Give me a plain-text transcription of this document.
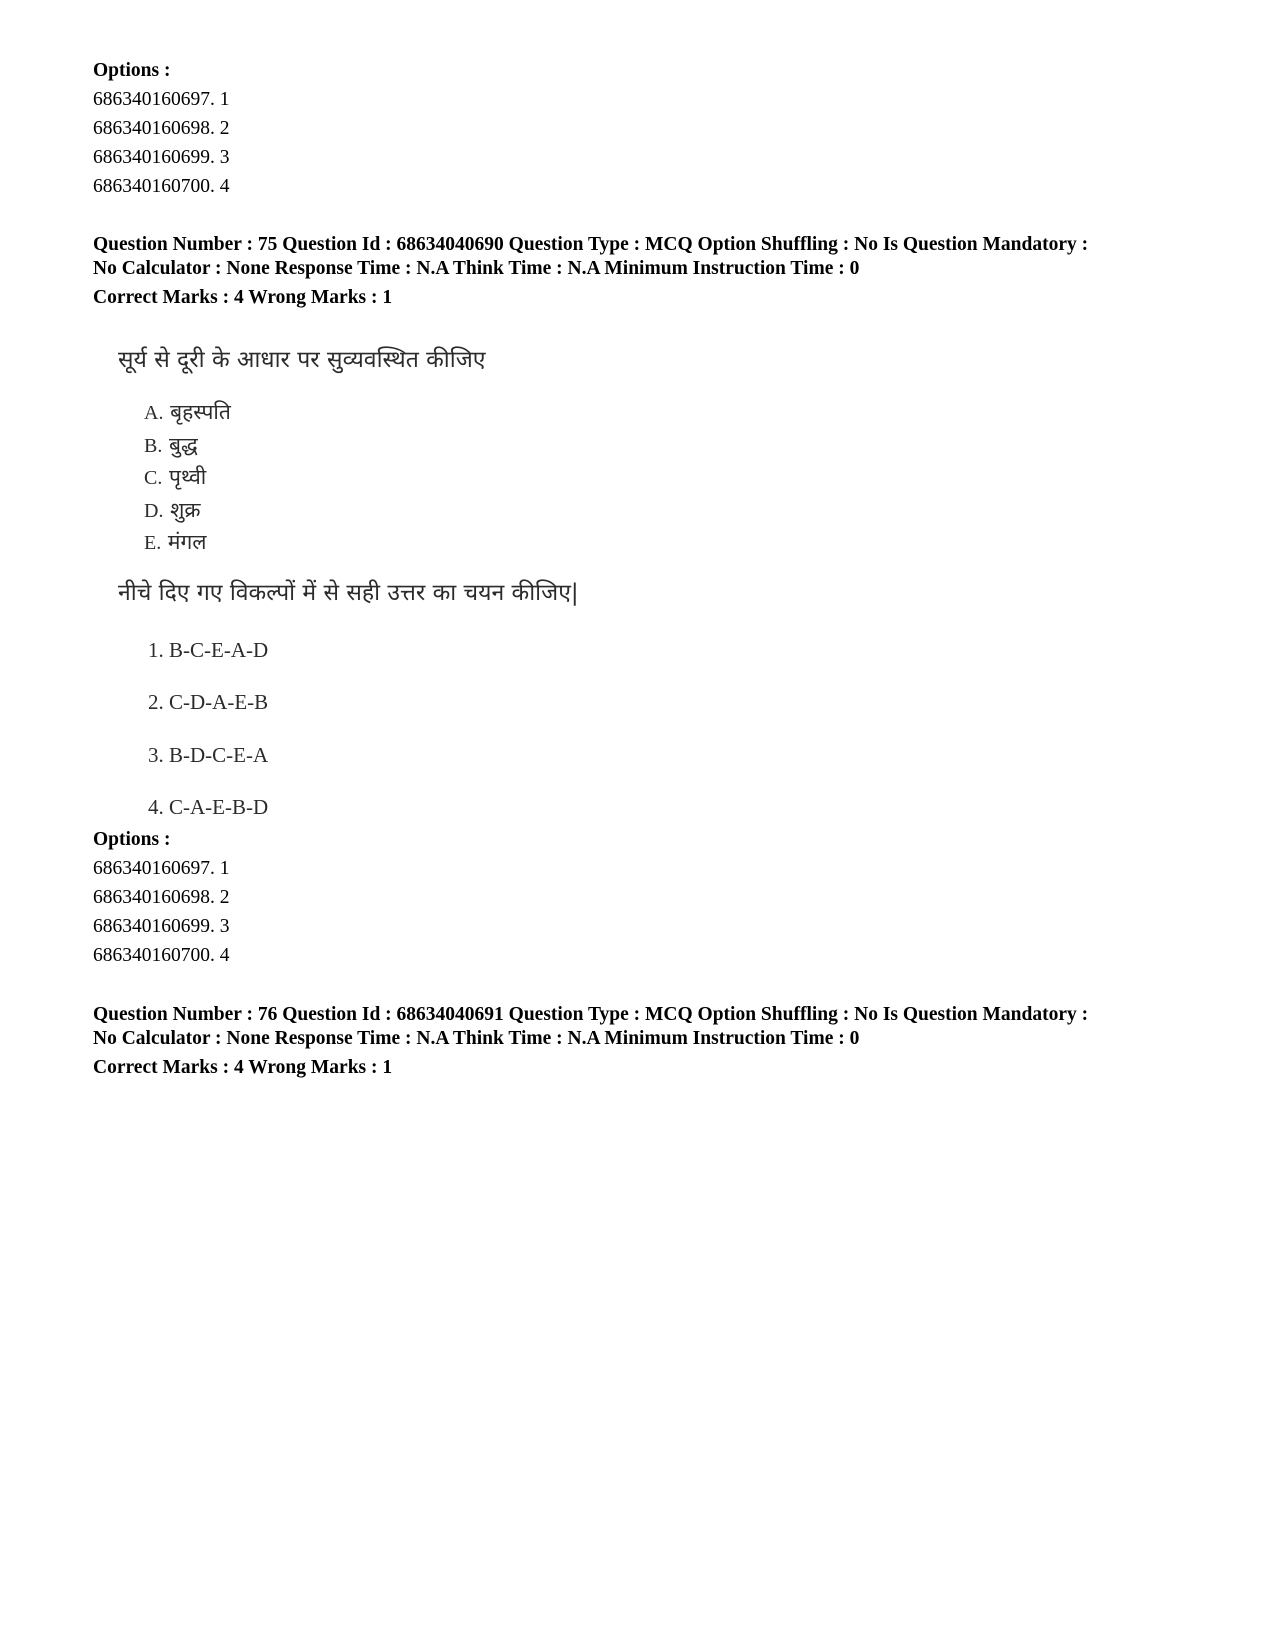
Options :
686340160697. 1
686340160698. 2
686340160699. 3
686340160700. 4
Question Number : 75 Question Id : 68634040690 Question Type : MCQ Option Shuffling : No Is Question Mandatory :
No Calculator : None Response Time : N.A Think Time : N.A Minimum Instruction Time : 0
Correct Marks : 4 Wrong Marks : 1
सूर्य से दूरी के आधार पर सुव्यवस्थित कीजिए
A. बृहस्पति
B. बुद्ध
C. पृथ्वी
D. शुक्र
E. मंगल
नीचे दिए गए विकल्पों में से सही उत्तर का चयन कीजिए|
1. B-C-E-A-D
2. C-D-A-E-B
3. B-D-C-E-A
4. C-A-E-B-D
Options :
686340160697. 1
686340160698. 2
686340160699. 3
686340160700. 4
Question Number : 76 Question Id : 68634040691 Question Type : MCQ Option Shuffling : No Is Question Mandatory :
No Calculator : None Response Time : N.A Think Time : N.A Minimum Instruction Time : 0
Correct Marks : 4 Wrong Marks : 1
